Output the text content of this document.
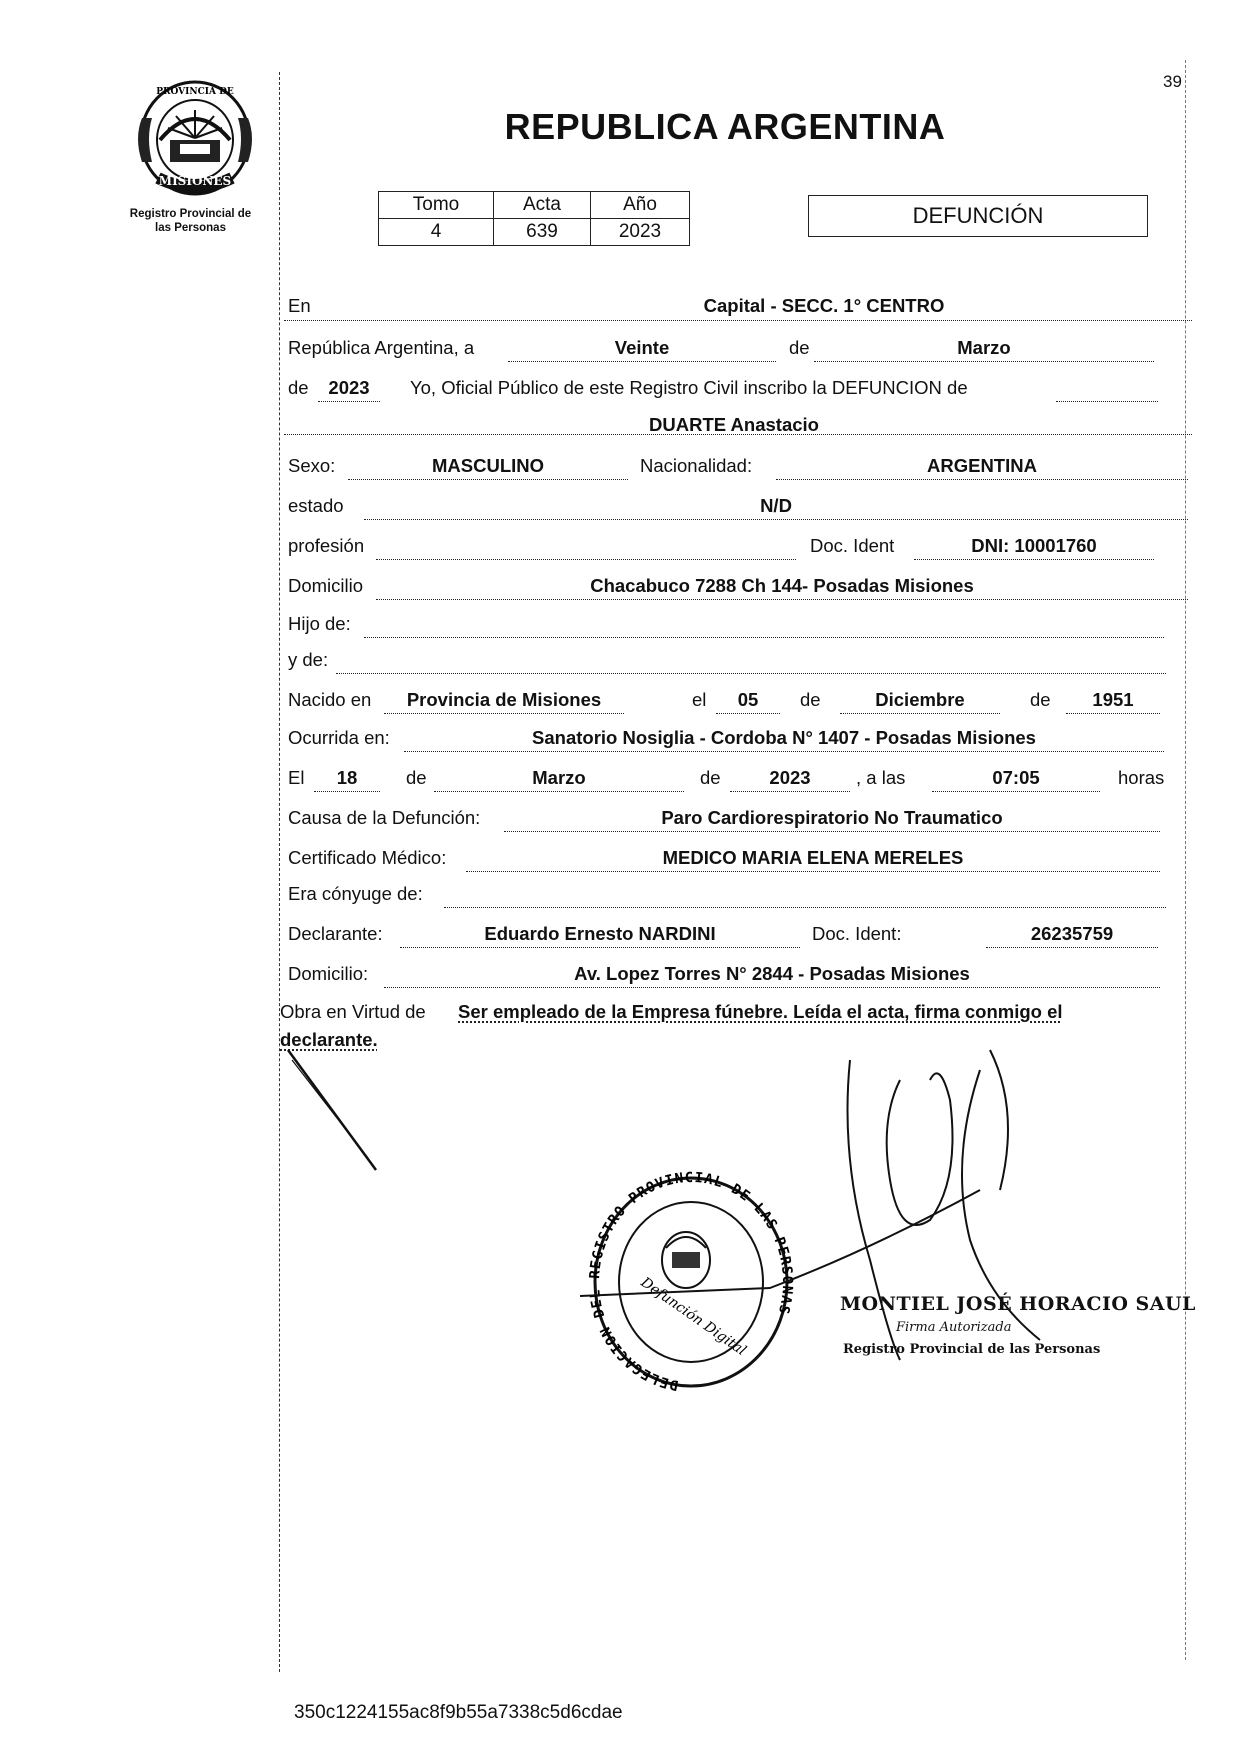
39
PROVINCIA DE
MISIONES
Registro Provincial de
las Personas
REPUBLICA ARGENTINA
Tomo	Acta	Año
4	639	2023
DEFUNCIÓN
En	Capital - SECC. 1° CENTRO
República Argentina, a	Veinte	de	Marzo
de	2023	Yo, Oficial Público de este Registro Civil inscribo la DEFUNCION de
DUARTE Anastacio
Sexo:	MASCULINO	Nacionalidad:	ARGENTINA
estado	N/D
profesión	Doc. Ident	DNI: 10001760
Domicilio	Chacabuco 7288 Ch 144- Posadas Misiones
Hijo de:
y de:
Nacido en	Provincia de Misiones	el	05	de	Diciembre	de	1951
Ocurrida en:	Sanatorio Nosiglia - Cordoba N° 1407 - Posadas Misiones
El	18	de	Marzo	de	2023	, a las	07:05	horas
Causa de la Defunción:	Paro Cardiorespiratorio No Traumatico
Certificado Médico:	MEDICO MARIA ELENA MERELES
Era cónyuge de:
Declarante:	Eduardo Ernesto NARDINI	Doc. Ident:	26235759
Domicilio:	Av. Lopez Torres N° 2844 - Posadas Misiones
Obra en Virtud de Ser empleado de la Empresa fúnebre. Leída el acta, firma conmigo el
declarante.
DELEGACION DEL REGISTRO PROVINCIAL DE LAS PERSONAS
Defunción Digital	MONTIEL JOSÉ HORACIO SAUL
Firma Autorizada
Registro Provincial de las Personas
350c1224155ac8f9b55a7338c5d6cdae
